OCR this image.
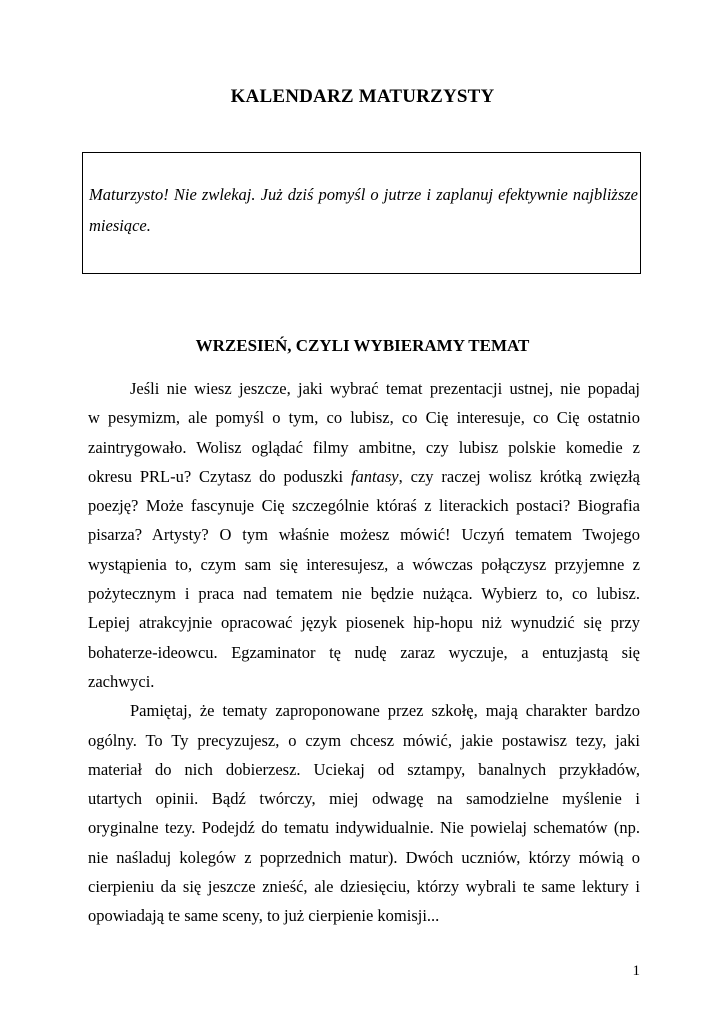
KALENDARZ MATURZYSTY
Maturzysto! Nie zwlekaj. Już dziś pomyśl o jutrze i zaplanuj efektywnie najbliższe miesiące.
WRZESIEŃ, CZYLI WYBIERAMY TEMAT
Jeśli nie wiesz jeszcze, jaki wybrać temat prezentacji ustnej, nie popadaj
w pesymizm, ale pomyśl o tym, co lubisz, co Cię interesuje, co Cię ostatnio
zaintrygowało. Wolisz oglądać filmy ambitne, czy lubisz polskie komedie z
okresu PRL-u? Czytasz do poduszki fantasy, czy raczej wolisz krótką zwięzłą
poezję? Może fascynuje Cię szczególnie któraś z literackich postaci? Biografia
pisarza? Artysty? O tym właśnie możesz mówić! Uczyń tematem Twojego
wystąpienia to, czym sam się interesujesz, a wówczas połączysz przyjemne z
pożytecznym i praca nad tematem nie będzie nużąca. Wybierz to, co lubisz.
Lepiej atrakcyjnie opracować język piosenek hip-hopu niż wynudzić się przy
bohaterze-ideowcu. Egzaminator tę nudę zaraz wyczuje, a entuzjastą się
zachwyci.
Pamiętaj, że tematy zaproponowane przez szkołę, mają charakter bardzo
ogólny. To Ty precyzujesz, o czym chcesz mówić, jakie postawisz tezy, jaki
materiał do nich dobierzesz. Uciekaj od sztampy, banalnych przykładów,
utartych opinii. Bądź twórczy, miej odwagę na samodzielne myślenie i
oryginalne tezy. Podejdź do tematu indywidualnie. Nie powielaj schematów (np.
nie naśladuj kolegów z poprzednich matur). Dwóch uczniów, którzy mówią o
cierpieniu da się jeszcze znieść, ale dziesięciu, którzy wybrali te same lektury i
opowiadają te same sceny, to już cierpienie komisji...
1
